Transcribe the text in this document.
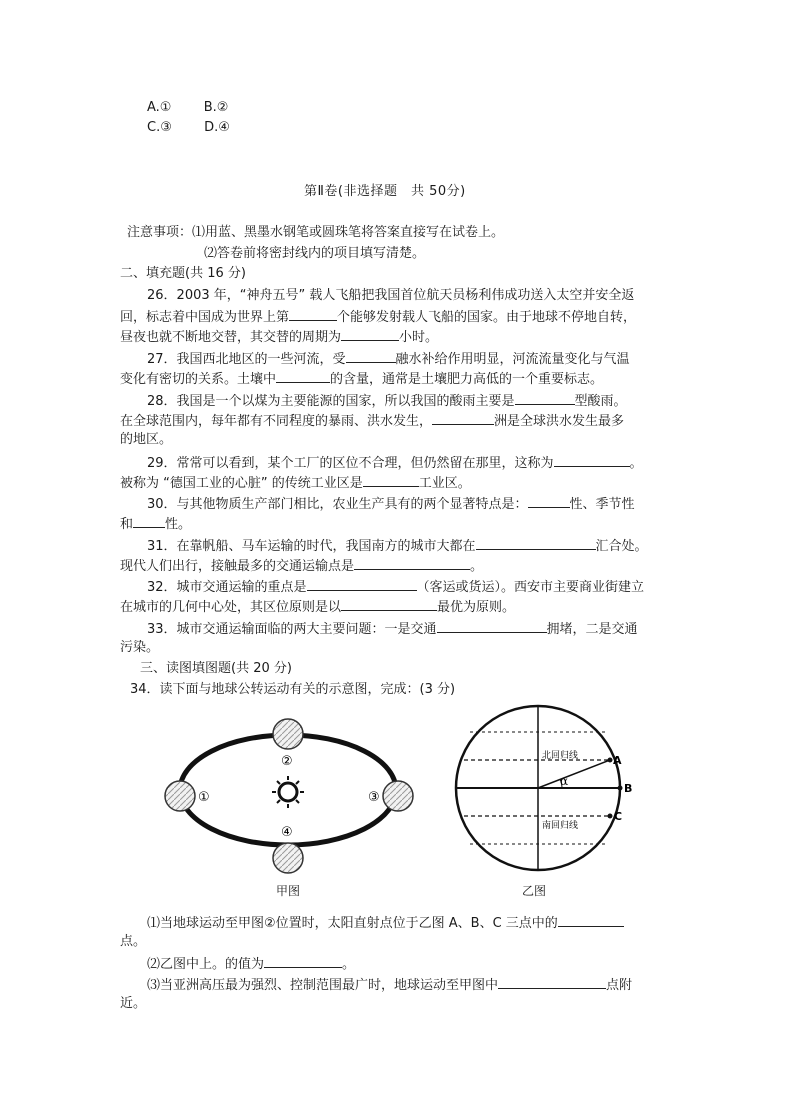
A.① B.②
C.③ D.④
第Ⅱ卷(非选择题　共 50分)
注意事项：⑴用蓝、黑墨水钢笔或圆珠笔将答案直接写在试卷上。
⑵答卷前将密封线内的项目填写清楚。
二、填充题(共 16 分)
26．2003 年，“神舟五号” 载人飞船把我国首位航天员杨利伟成功送入太空并安全返
回，标志着中国成为世界上第	个能够发射载人飞船的国家。由于地球不停地自转，
昼夜也就不断地交替，其交替的周期为	小时。
27．我国西北地区的一些河流，受	融水补给作用明显，河流流量变化与气温
变化有密切的关系。土壤中	的含量，通常是土壤肥力高低的一个重要标志。
28．我国是一个以煤为主要能源的国家，所以我国的酸雨主要是	型酸雨。
在全球范围内，每年都有不同程度的暴雨、洪水发生，	洲是全球洪水发生最多
的地区。
29．常常可以看到，某个工厂的区位不合理，但仍然留在那里，这称为	。
被称为 “德国工业的心脏” 的传统工业区是	工业区。
30．与其他物质生产部门相比，农业生产具有的两个显著特点是：	性、季节性
和 性。
31．在靠帆船、马车运输的时代，我国南方的城市大都在	汇合处。
现代人们出行，接触最多的交通运输点是	。
32．城市交通运输的重点是	（客运或货运）。西安市主要商业街建立
在城市的几何中心处，其区位原则是以	最优为原则。
33．城市交通运输面临的两大主要问题：一是交通	拥堵，二是交通
污染。
三、读图填图题(共 20 分)
34．读下面与地球公转运动有关的示意图，完成：(3 分)
①
②
③
④
甲图
北回归线
南回归线
α
A
B
C
乙图
⑴当地球运动至甲图②位置时，太阳直射点位于乙图 A、B、C 三点中的
点。
⑵乙图中上。的值为	。
⑶当亚洲高压最为强烈、控制范围最广时，地球运动至甲图中	点附
近。
